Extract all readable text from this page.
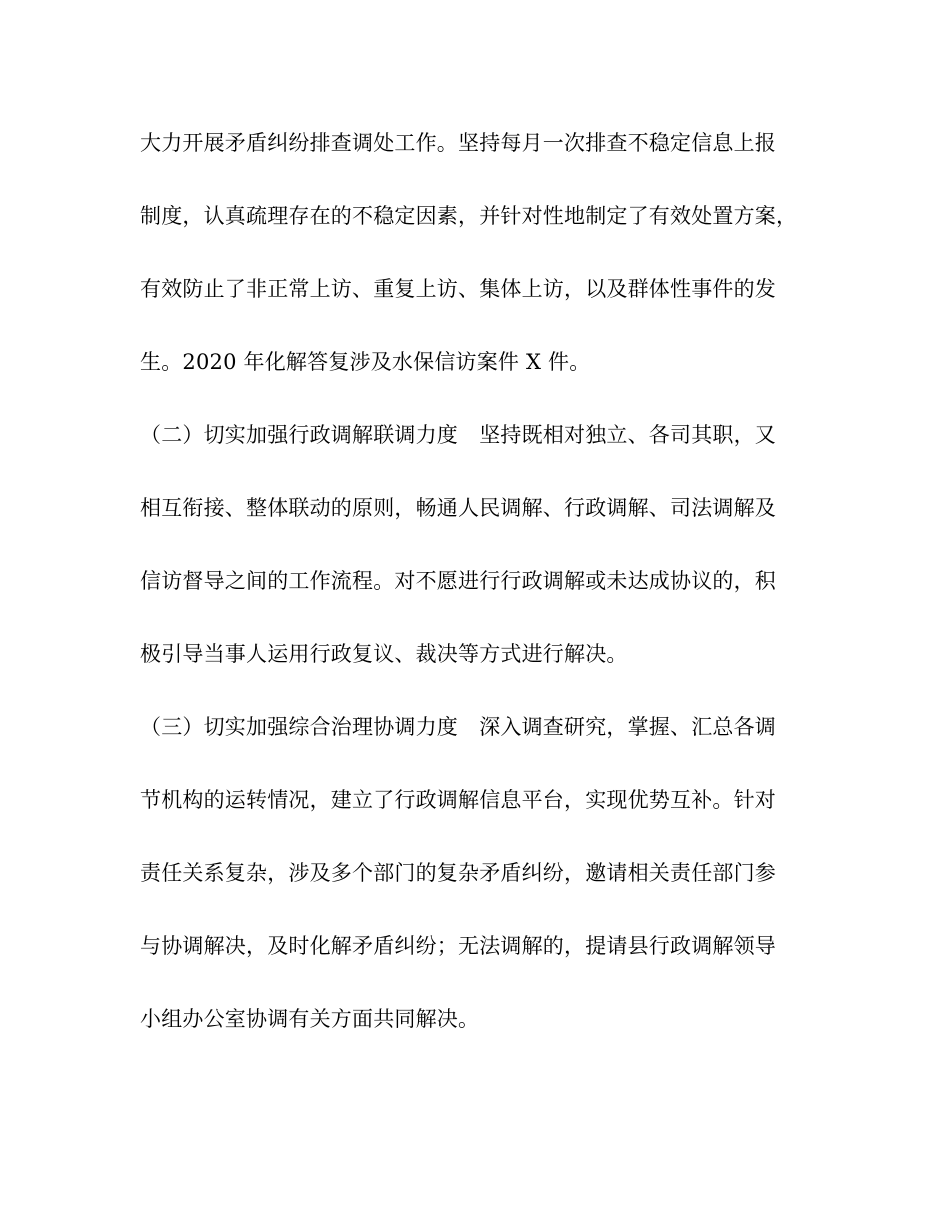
大力开展矛盾纠纷排查调处工作。坚持每月一次排查不稳定信息上报
制度，认真疏理存在的不稳定因素，并针对性地制定了有效处置方案，
有效防止了非正常上访、重复上访、集体上访，以及群体性事件的发
生。2020 年化解答复涉及水保信访案件 X 件。
（二）切实加强行政调解联调力度　坚持既相对独立、各司其职，又
相互衔接、整体联动的原则，畅通人民调解、行政调解、司法调解及
信访督导之间的工作流程。对不愿进行行政调解或未达成协议的，积
极引导当事人运用行政复议、裁决等方式进行解决。
（三）切实加强综合治理协调力度　深入调查研究，掌握、汇总各调
节机构的运转情况，建立了行政调解信息平台，实现优势互补。针对
责任关系复杂，涉及多个部门的复杂矛盾纠纷，邀请相关责任部门参
与协调解决，及时化解矛盾纠纷；无法调解的，提请县行政调解领导
小组办公室协调有关方面共同解决。
